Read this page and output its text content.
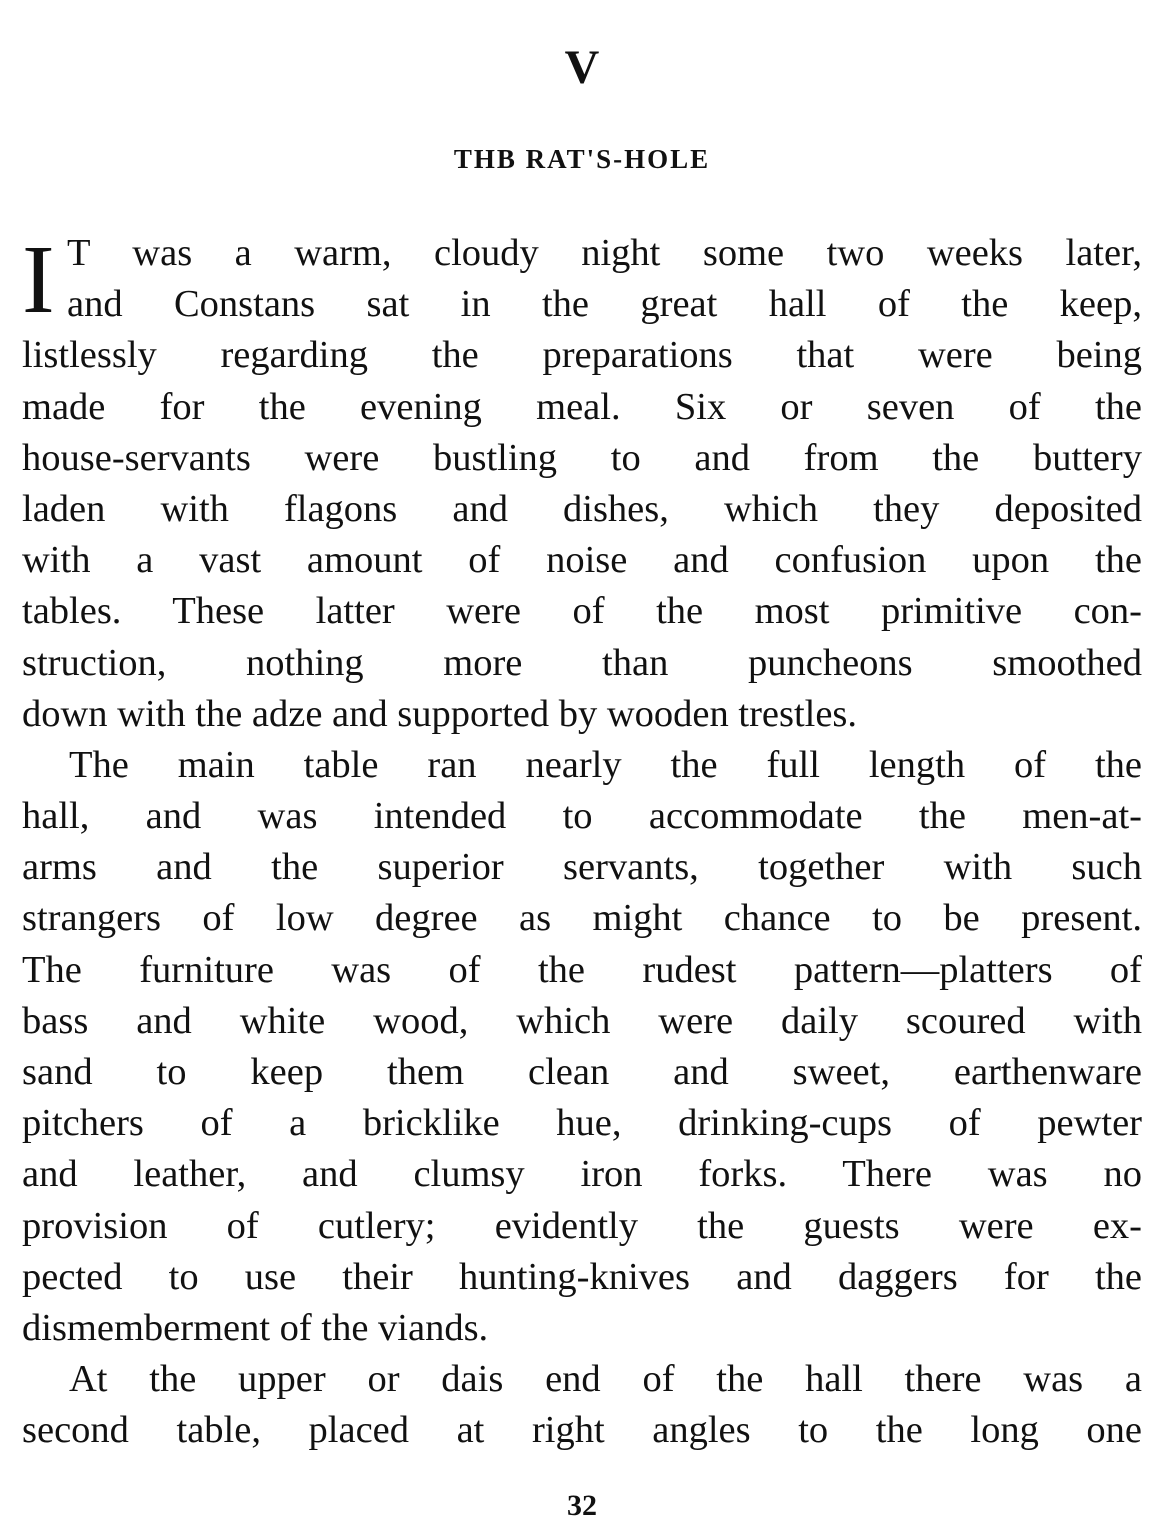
V
THB RAT'S-HOLE
I T was a warm, cloudy night some two weeks later,
and Constans sat in the great hall of the keep,
listlessly regarding the preparations that were being
made for the evening meal. Six or seven of the
house-servants were bustling to and from the buttery
laden with flagons and dishes, which they deposited
with a vast amount of noise and confusion upon the
tables. These latter were of the most primitive con-
struction, nothing more than puncheons smoothed
down with the adze and supported by wooden trestles.
The main table ran nearly the full length of the
hall, and was intended to accommodate the men-at-
arms and the superior servants, together with such
strangers of low degree as might chance to be present.
The furniture was of the rudest pattern—platters of
bass and white wood, which were daily scoured with
sand to keep them clean and sweet, earthenware
pitchers of a bricklike hue, drinking-cups of pewter
and leather, and clumsy iron forks. There was no
provision of cutlery; evidently the guests were ex-
pected to use their hunting-knives and daggers for the
dismemberment of the viands.
At the upper or dais end of the hall there was a
second table, placed at right angles to the long one
32
